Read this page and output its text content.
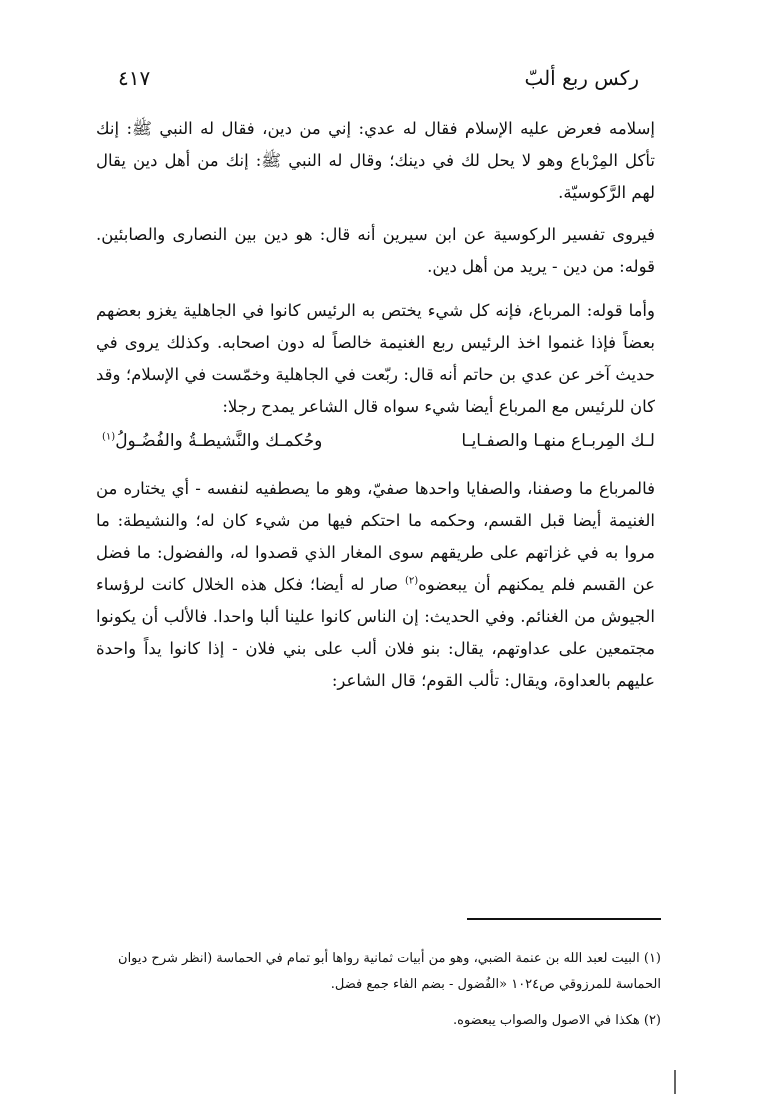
ركس ربع ألبّ
٤١٧

إسلامه فعرض عليه الإسلام فقال له عدي: إني من دين، فقال له النبي ﷺ: إنك تأكل المِرْباع وهو لا يحل لك في دينك؛ وقال له النبي ﷺ: إنك من أهل دين يقال لهم الرَّكوسيّة.

فيروى تفسير الركوسية عن ابن سيرين أنه قال: هو دين بين النصارى والصابئين. قوله: من دين - يريد من أهل دين.

وأما قوله: المرباع، فإنه كل شيء يختص به الرئيس كانوا في الجاهلية يغزو بعضهم بعضاً فإذا غنموا اخذ الرئيس ربع الغنيمة خالصاً له دون اصحابه. وكذلك يروى في حديث آخر عن عدي بن حاتم أنه قال: ربّعت في الجاهلية وخمّست في الإسلام؛ وقد كان للرئيس مع المرباع أيضا شيء سواه قال الشاعر يمدح رجلا:

لـك المِربـاع منهـا والصفـايـا
وحُكمـك والنَّشيطـةُ والفُضُـولُ$^{(١)}$

فالمرباع ما وصفنا، والصفايا واحدها صفيّ، وهو ما يصطفيه لنفسه - أي يختاره من الغنيمة أيضا قبل القسم، وحكمه ما احتكم فيها من شيء كان له؛ والنشيطة: ما مروا به في غزاتهم على طريقهم سوى المغار الذي قصدوا له، والفضول: ما فضل عن القسم فلم يمكنهم أن يبعضوه$^{(٢)}$ صار له أيضا؛ فكل هذه الخلال كانت لرؤساء الجيوش من الغنائم. وفي الحديث: إن الناس كانوا علينا ألبا واحدا. فالألب أن يكونوا مجتمعين على عداوتهم، يقال: بنو فلان ألب على بني فلان - إذا كانوا يداً واحدة عليهم بالعداوة، ويقال: تألب القوم؛ قال الشاعر:

(١) البيت لعبد الله بن عنمة الضبي، وهو من أبيات ثمانية رواها أبو تمام في الحماسة (انظر شرح ديوان الحماسة للمرزوقي ص١٠٢٤ «الفُضول - بضم الفاء جمع فضل.

(٢) هكذا في الاصول والصواب يبعضوه.
